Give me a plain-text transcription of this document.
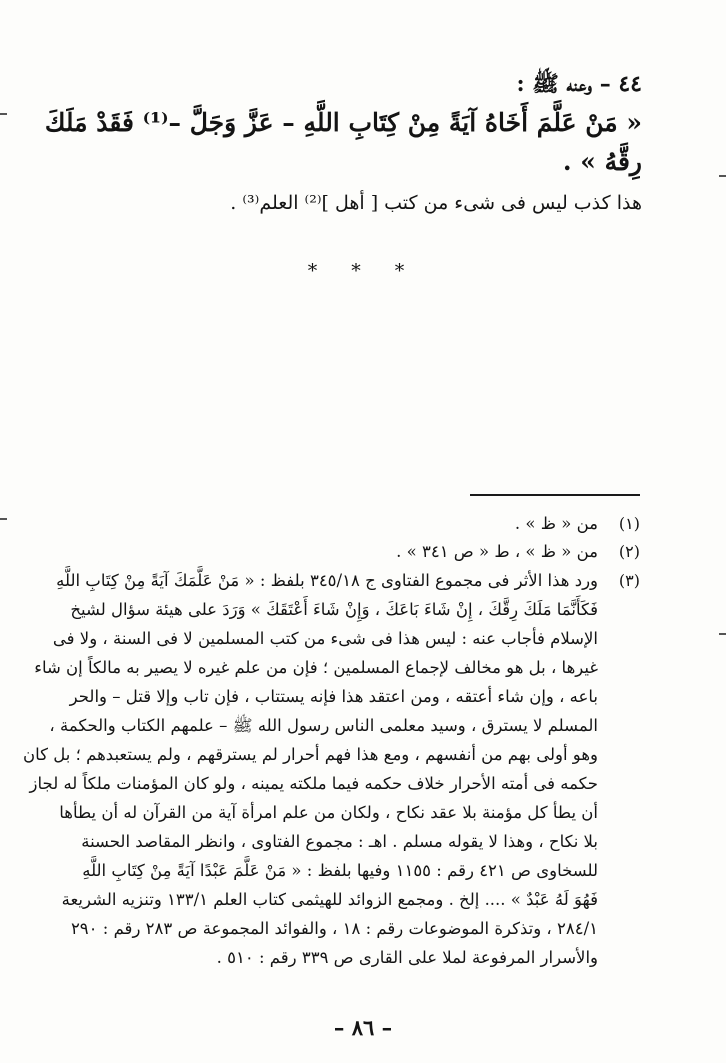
٤٤ – وعنه ﷺ :
« مَنْ عَلَّمَ أَخَاهُ آيَةً مِنْ كِتَابِ اللَّهِ – عَزَّ وَجَلَّ –⁽¹⁾ فَقَدْ مَلَكَ
رِقَّهُ » .
هذا كذب ليس فى شىء من كتب [ أهل ]⁽²⁾ العلم⁽³⁾ .
* * *
(١)
من « ظ » .
(٢)
من « ظ » ، ط « ص ٣٤١ » .
(٣)
ورد هذا الأثر فى مجموع الفتاوى ج ٣٤٥/١٨ بلفظ : « مَنْ عَلَّمَكَ آيَةً مِنْ كِتَابِ اللَّهِ
فَكَأَنَّمَا مَلَكَ رِقَّكَ ، إِنْ شَاءَ بَاعَكَ ، وَإِنْ شَاءَ أَعْتَقَكَ » وَرَدَ على هيئة سؤال لشيخ
الإسلام فأجاب عنه : ليس هذا فى شىء من كتب المسلمين لا فى السنة ، ولا فى
غيرها ، بل هو مخالف لإجماع المسلمين ؛ فإن من علم غيره لا يصير به مالكاً إن شاء
باعه ، وإن شاء أعتقه ، ومن اعتقد هذا فإنه يستتاب ، فإن تاب وإلا قتل – والحر
المسلم لا يسترق ، وسيد معلمى الناس رسول الله ﷺ – علمهم الكتاب والحكمة ،
وهو أولى بهم من أنفسهم ، ومع هذا فهم أحرار لم يسترقهم ، ولم يستعبدهم ؛ بل كان
حكمه فى أمته الأحرار خلاف حكمه فيما ملكته يمينه ، ولو كان المؤمنات ملكاً له لجاز
أن يطأ كل مؤمنة بلا عقد نكاح ، ولكان من علم امرأة آية من القرآن له أن يطأها
بلا نكاح ، وهذا لا يقوله مسلم . اهـ : مجموع الفتاوى ، وانظر المقاصد الحسنة
للسخاوى ص ٤٢١ رقم : ١١٥٥ وفيها بلفظ : « مَنْ عَلَّمَ عَبْدًا آيَةً مِنْ كِتَابِ اللَّهِ
فَهُوَ لَهُ عَبْدٌ » .... إلخ . ومجمع الزوائد للهيثمى كتاب العلم ١٣٣/١ وتنزيه الشريعة
٢٨٤/١ ، وتذكرة الموضوعات رقم : ١٨ ، والفوائد المجموعة ص ٢٨٣ رقم : ٢٩٠
والأسرار المرفوعة لملا على القارى ص ٣٣٩ رقم : ٥١٠ .
– ٨٦ –
